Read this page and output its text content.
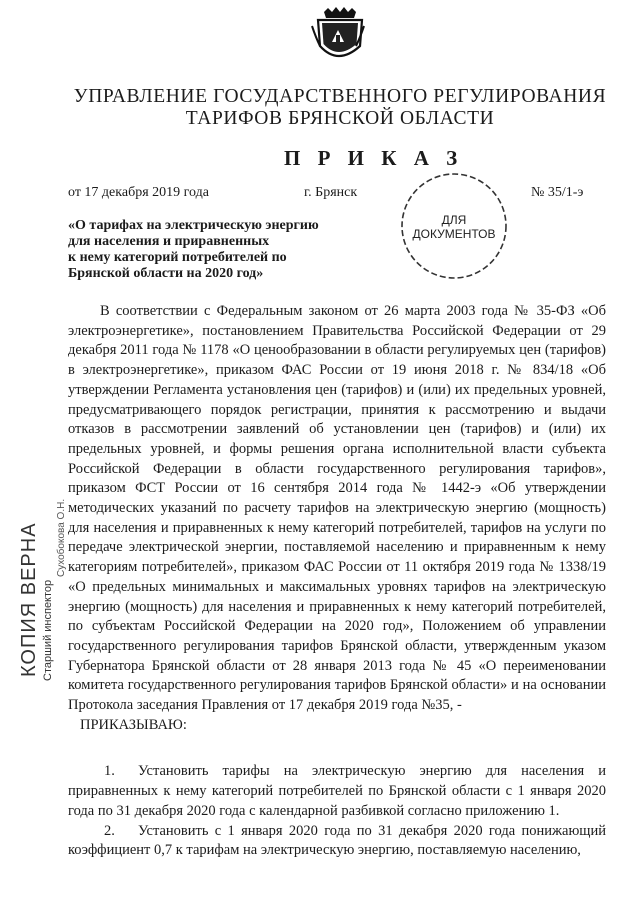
УПРАВЛЕНИЕ ГОСУДАРСТВЕННОГО РЕГУЛИРОВАНИЯ
ТАРИФОВ БРЯНСКОЙ ОБЛАСТИ
П Р И К А З
от 17 декабря 2019 года	г. Брянск	№ 35/1-э
«О тарифах на электрическую энергию
для населения и приравненных
к нему категорий потребителей по
Брянской области на 2020 год»
ДЛЯ
ДОКУМЕНТОВ
КОПИЯ ВЕРНА Старший инспектор
Сухобокова О.Н.

В соответствии с Федеральным законом от 26 марта 2003 года № 35-ФЗ «Об электроэнергетике», постановлением Правительства Российской Федерации от 29 декабря 2011 года № 1178 «О ценообразовании в области регулируемых цен (тарифов) в электроэнергетике», приказом ФАС России от 19 июня 2018 г. № 834/18 «Об утверждении Регламента установления цен (тарифов) и (или) их предельных уровней, предусматривающего порядок регистрации, принятия к рассмотрению и выдачи отказов в рассмотрении заявлений об установлении цен (тарифов) и (или) их предельных уровней, и формы решения органа исполнительной власти субъекта Российской Федерации в области государственного регулирования тарифов», приказом ФСТ России от 16 сентября 2014 года № 1442-э «Об утверждении методических указаний по расчету тарифов на электрическую энергию (мощность) для населения и приравненных к нему категорий потребителей, тарифов на услуги по передаче электрической энергии, поставляемой населению и приравненным к нему категориям потребителей», приказом ФАС России от 11 октября 2019 года № 1338/19 «О предельных минимальных и максимальных уровнях тарифов на электрическую энергию (мощность) для населения и приравненных к нему категорий потребителей, по субъектам Российской Федерации на 2020 год», Положением об управлении государственного регулирования тарифов Брянской области, утвержденным указом Губернатора Брянской области от 28 января 2013 года № 45 «О переименовании комитета государственного регулирования тарифов Брянской области» и на основании Протокола заседания Правления от 17 декабря 2019 года №35, -

ПРИКАЗЫВАЮ:

1. Установить тарифы на электрическую энергию для населения и приравненных к нему категорий потребителей по Брянской области с 1 января 2020 года по 31 декабря 2020 года с календарной разбивкой согласно приложению 1.

2. Установить с 1 января 2020 года по 31 декабря 2020 года понижающий коэффициент 0,7 к тарифам на электрическую энергию, поставляемую населению,
